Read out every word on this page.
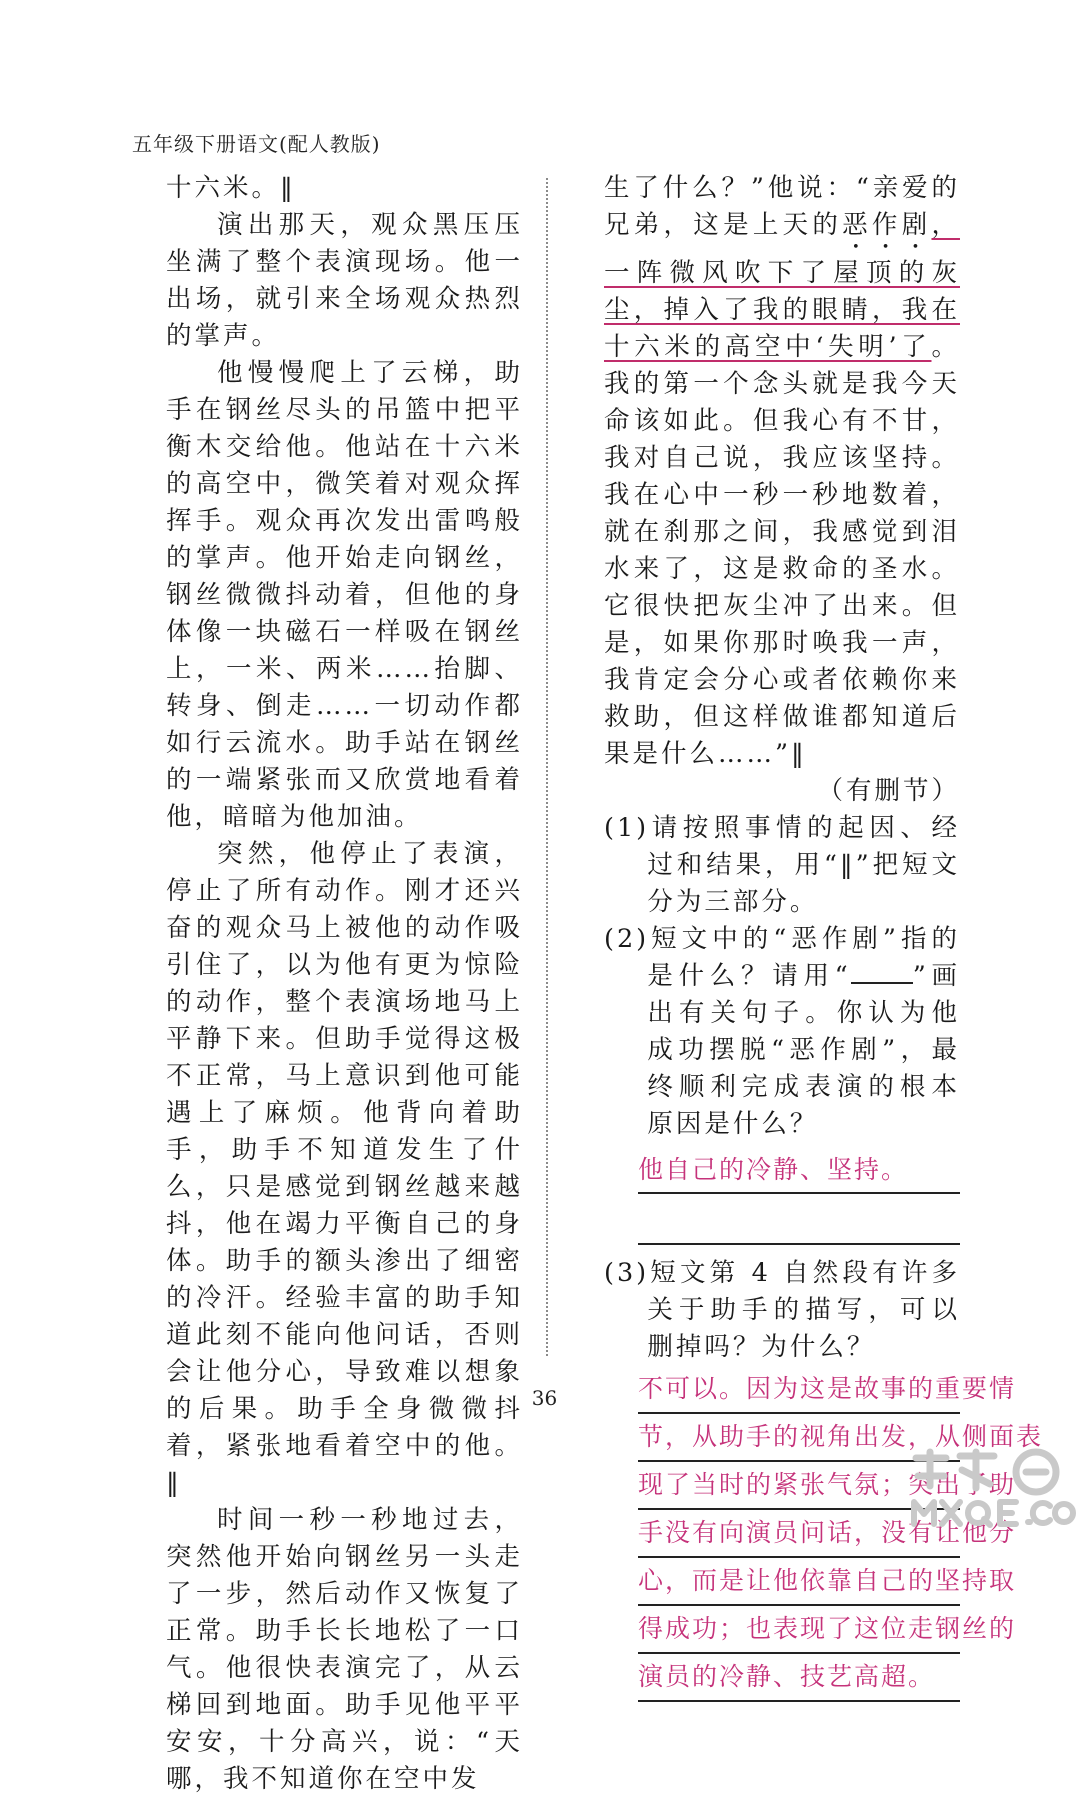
五年级下册语文(配人教版)

十六米。‖

演出那天，观众黑压压坐满了整个表演现场。他一出场，就引来全场观众热烈的掌声。

他慢慢爬上了云梯，助手在钢丝尽头的吊篮中把平衡木交给他。他站在十六米的高空中，微笑着对观众挥挥手。观众再次发出雷鸣般的掌声。他开始走向钢丝，钢丝微微抖动着，但他的身体像一块磁石一样吸在钢丝上，一米、两米……抬脚、转身、倒走……一切动作都如行云流水。助手站在钢丝的一端紧张而又欣赏地看着他，暗暗为他加油。

突然，他停止了表演，停止了所有动作。刚才还兴奋的观众马上被他的动作吸引住了，以为他有更为惊险的动作，整个表演场地马上平静下来。但助手觉得这极不正常，马上意识到他可能遇上了麻烦。他背向着助手，助手不知道发生了什么，只是感觉到钢丝越来越抖，他在竭力平衡自己的身体。助手的额头渗出了细密的冷汗。经验丰富的助手知道此刻不能向他问话，否则会让他分心，导致难以想象的后果。助手全身微微抖着，紧张地看着空中的他。‖

时间一秒一秒地过去，突然他开始向钢丝另一头走了一步，然后动作又恢复了正常。助手长长地松了一口气。他很快表演完了，从云梯回到地面。助手见他平平安安，十分高兴，说：“天哪，我不知道你在空中发

生了什么？”他说：“亲爱的兄弟，这是上天的恶作剧，一阵微风吹下了屋顶的灰尘，掉入了我的眼睛，我在十六米的高空中‘失明’了。我的第一个念头就是我今天命该如此。但我心有不甘，我对自己说，我应该坚持。我在心中一秒一秒地数着，就在刹那之间，我感觉到泪水来了，这是救命的圣水。它很快把灰尘冲了出来。但是，如果你那时唤我一声，我肯定会分心或者依赖你来救助，但这样做谁都知道后果是什么……”‖

（有删节）

(1)请按照事情的起因、经过和结果，用“‖”把短文分为三部分。

(2)短文中的“恶作剧”指的是什么？请用“ ”画出有关句子。你认为他成功摆脱“恶作剧”，最终顺利完成表演的根本原因是什么？

他自己的冷静、坚持。

(3)短文第 4 自然段有许多关于助手的描写，可以删掉吗？为什么？

不可以。因为这是故事的重要情
节，从助手的视角出发，从侧面表
现了当时的紧张气氛；突出了助
手没有向演员问话，没有让他分
心，而是让他依靠自己的坚持取
得成功；也表现了这位走钢丝的
演员的冷静、技艺高超。
36
